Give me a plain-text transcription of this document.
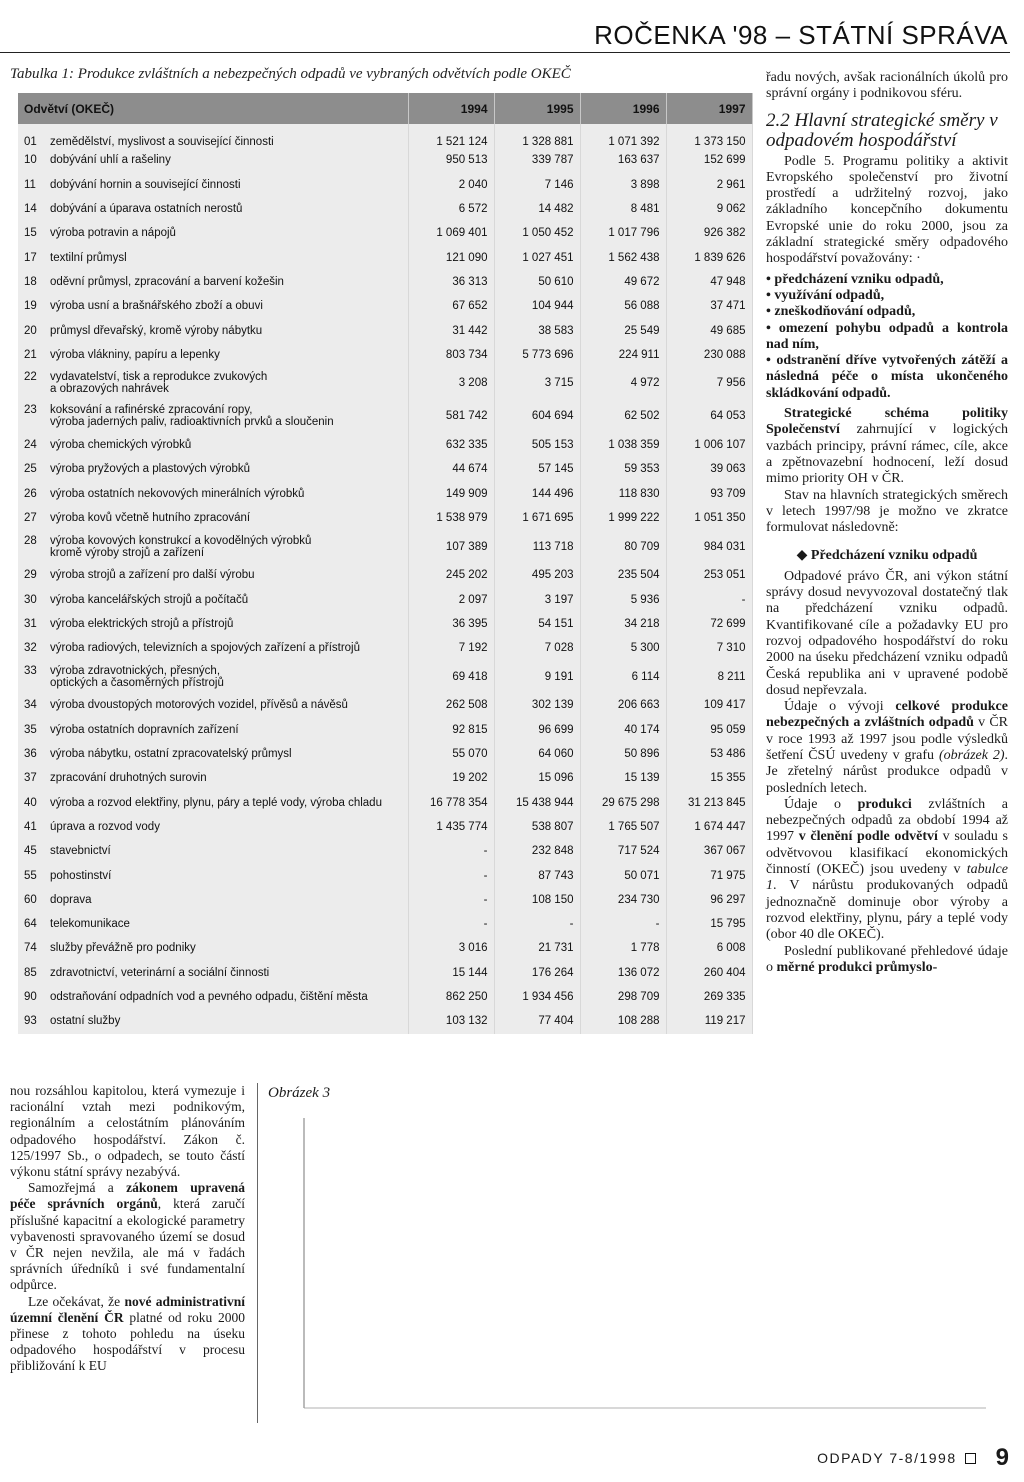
ROČENKA '98 – STÁTNÍ SPRÁVA
Tabulka 1: Produkce zvláštních a nebezpečných odpadů ve vybraných odvětvích podle OKEČ
Odvětví (OKEČ)	1994	1995	1996	1997

01 zemědělství, myslivost a související činnosti	1 521 124	1 328 881	1 071 392	1 373 150

10 dobývání uhlí a rašeliny	950 513	339 787	163 637	152 699

11 dobývání hornin a související činnosti	2 040	7 146	3 898	2 961

14 dobývání a úparava ostatních nerostů	6 572	14 482	8 481	9 062

15 výroba potravin a nápojů	1 069 401	1 050 452	1 017 796	926 382

17 textilní průmysl	121 090	1 027 451	1 562 438	1 839 626

18 oděvní průmysl, zpracování a barvení kožešin	36 313	50 610	49 672	47 948

19 výroba usní a brašnářského zboží a obuvi	67 652	104 944	56 088	37 471

20 průmysl dřevařský, kromě výroby nábytku	31 442	38 583	25 549	49 685

21 výroba vlákniny, papíru a lepenky	803 734	5 773 696	224 911	230 088

22 vydavatelství, tisk a reprodukce zvukových
a obrazových nahrávek	3 208	3 715	4 972	7 956

23 koksování a rafinérské zpracování ropy,
výroba jaderných paliv, radioaktivních prvků a sloučenin	581 742	604 694	62 502	64 053

24 výroba chemických výrobků	632 335	505 153	1 038 359	1 006 107

25 výroba pryžových a plastových výrobků	44 674	57 145	59 353	39 063

26 výroba ostatních nekovových minerálních výrobků	149 909	144 496	118 830	93 709

27 výroba kovů včetně hutního zpracování	1 538 979	1 671 695	1 999 222	1 051 350

28 výroba kovových konstrukcí a kovodělných výrobků
kromě výroby strojů a zařízení	107 389	113 718	80 709	984 031

29 výroba strojů a zařízení pro další výrobu	245 202	495 203	235 504	253 051

30 výroba kancelářských strojů a počítačů	2 097	3 197	5 936	-

31 výroba elektrických strojů a přístrojů	36 395	54 151	34 218	72 699

32 výroba radiových, televizních a spojových zařízení a přístrojů	7 192	7 028	5 300	7 310

33 výroba zdravotnických, přesných,
optických a časoměrných přístrojů	69 418	9 191	6 114	8 211

34 výroba dvoustopých motorových vozidel, přívěsů a návěsů	262 508	302 139	206 663	109 417

35 výroba ostatních dopravních zařízení	92 815	96 699	40 174	95 059

36 výroba nábytku, ostatní zpracovatelský průmysl	55 070	64 060	50 896	53 486

37 zpracování druhotných surovin	19 202	15 096	15 139	15 355

40 výroba a rozvod elektřiny, plynu, páry a teplé vody, výroba chladu	16 778 354	15 438 944	29 675 298	31 213 845

41 úprava a rozvod vody	1 435 774	538 807	1 765 507	1 674 447

45 stavebnictví	-	232 848	717 524	367 067

55 pohostinství	-	87 743	50 071	71 975

60 doprava	-	108 150	234 730	96 297

64 telekomunikace	-	-	-	15 795

74 služby převážně pro podniky	3 016	21 731	1 778	6 008

85 zdravotnictví, veterinární a sociální činnosti	15 144	176 264	136 072	260 404

90 odstraňování odpadních vod a pevného odpadu, čištění města	862 250	1 934 456	298 709	269 335

93 ostatní služby	103 132	77 404	108 288	119 217

řadu nových, avšak racionálních úkolů pro správní orgány i podnikovou sféru.

2.2 Hlavní strategické směry v odpadovém hospodářství

Podle 5. Programu politiky a aktivit Evropského společenství pro životní prostředí a udržitelný rozvoj, jako základního koncepčního dokumentu Evropské unie do roku 2000, jsou za základní strategické směry odpadového hospodářství považovány: ·

• předcházení vzniku odpadů,
• využívání odpadů,
• zneškodňování odpadů,
• omezení pohybu odpadů a kontrola nad ním,
• odstranění dříve vytvořených zátěží a následná péče o místa ukončeného skládkování odpadů.

Strategické schéma politiky Společenství zahrnující v logických vazbách principy, právní rámec, cíle, akce a zpětnovazební hodnocení, leží dosud mimo priority OH v ČR.

Stav na hlavních strategických směrech v letech 1997/98 je možno ve zkratce formulovat následovně:

◆ Předcházení vzniku odpadů

Odpadové právo ČR, ani výkon státní správy dosud nevyvozoval dostatečný tlak na předcházení vzniku odpadů. Kvantifikované cíle a požadavky EU pro rozvoj odpadového hospodářství do roku 2000 na úseku předcházení vzniku odpadů Česká republika ani v upravené podobě dosud nepřevzala.

Údaje o vývoji celkové produkce nebezpečných a zvláštních odpadů v ČR v roce 1993 až 1997 jsou podle výsledků šetření ČSÚ uvedeny v grafu (obrázek 2). Je zřetelný nárůst produkce odpadů v posledních letech.

Údaje o produkci zvláštních a nebezpečných odpadů za období 1994 až 1997 v členění podle odvětví v souladu s odvětvovou klasifikací ekonomických činností (OKEČ) jsou uvedeny v tabulce 1. V nárůstu produkovaných odpadů jednoznačně dominuje obor výroby a rozvod elektřiny, plynu, páry a teplé vody (obor 40 dle OKEČ).

Poslední publikované přehledové údaje o měrné produkci průmyslo-

nou rozsáhlou kapitolou, která vymezuje i racionální vztah mezi podnikovým, regionálním a celostátním plánováním odpadového hospodářství. Zákon č. 125/1997 Sb., o odpadech, se touto částí výkonu státní správy nezabývá.

Samozřejmá a zákonem upravená péče správních orgánů, která zaručí příslušné kapacitní a ekologické parametry vybavenosti spravovaného území se dosud v ČR nejen nevžila, ale má v řadách správních úředníků i své fundamentalní odpůrce.

Lze očekávat, že nové administrativní územní členění ČR platné od roku 2000 přinese z tohoto pohledu na úseku odpadového hospodářství v procesu přibližování k EU

Obrázek 3
ODPADY 7-8/1998 9
